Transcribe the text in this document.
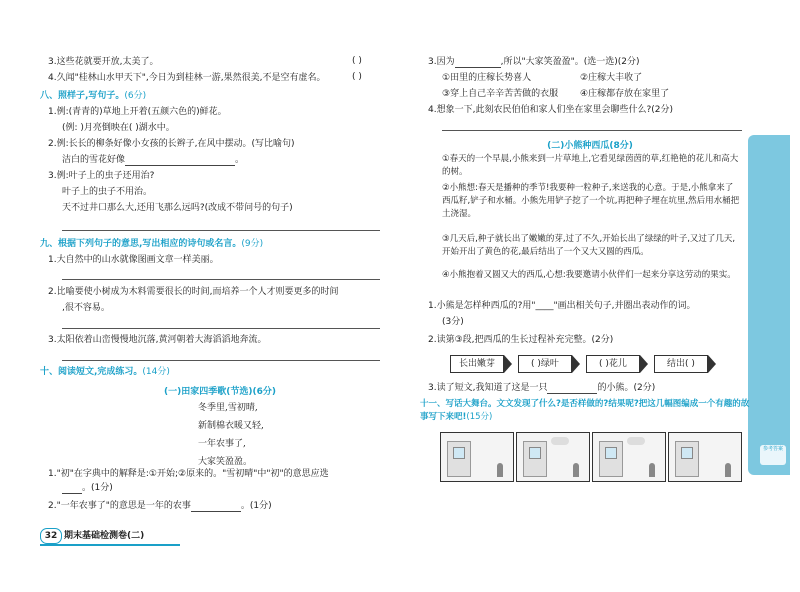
参考答案
3.这些花就要开放,太美了。	( )
4.久闻"桂林山水甲天下",今日为到桂林一游,果然很美,不是空有虚名。	( )
八、照样子,写句子。(6分)
1.例:(青青的)草地上开着(五颜六色的)鲜花。
(例: )月亮倒映在( )湖水中。
2.例:长长的柳条好像小女孩的长辫子,在风中摆动。(写比喻句)
洁白的雪花好像	。
3.例:叶子上的虫子还用治?
叶子上的虫子不用治。
天不过井口那么大,还用飞那么远吗?(改成不带问号的句子)
九、根据下列句子的意思,写出相应的诗句或名言。(9分)
1.大自然中的山水就像图画文章一样美丽。
2.比喻要使小树成为木料需要很长的时间,而培养一个人才则要更多的时间
,很不容易。
3.太阳依着山峦慢慢地沉落,黄河朝着大海滔滔地奔流。
十、阅读短文,完成练习。(14分)
(一)田家四季歌(节选)(6分)
冬季里,雪初晴,
新制棉衣暖又轻,
一年农事了,
大家笑盈盈。
1."初"在字典中的解释是:①开始;②原来的。"雪初晴"中"初"的意思应选
。(1分)
2."一年农事了"的意思是一年的农事	。(1分)
32 期末基础检测卷(二)
3.因为	,所以"大家笑盈盈"。(选一选)(2分)
①田里的庄稼长势喜人	②庄稼大丰收了
③穿上自己辛辛苦苦做的衣服 ④庄稼都存放在家里了
4.想象一下,此刻农民伯伯和家人们坐在家里会聊些什么?(2分)
(二)小熊种西瓜(8分)
①春天的一个早晨,小熊来到一片草地上,它看见绿茵茵的草,红艳艳的花儿和高大的树。
②小熊想:春天是播种的季节!我要种一粒种子,来送我的心意。于是,小熊拿来了西瓜籽,铲子和水桶。小熊先用铲子挖了一个坑,再把种子埋在坑里,然后用水桶把土浇湿。
③几天后,种子就长出了嫩嫩的芽,过了不久,开始长出了绿绿的叶子,又过了几天,开始开出了黄色的花,最后结出了一个又大又圆的西瓜。
④小熊抱着又圆又大的西瓜,心想:我要邀请小伙伴们一起来分享这劳动的果实。
1.小熊是怎样种西瓜的?用"____"画出相关句子,并圈出表动作的词。
(3分)
2.读第③段,把西瓜的生长过程补充完整。(2分)
长出嫩芽	( )绿叶	( )花儿	结出( )
3.读了短文,我知道了这是一只	的小熊。(2分)
十一、写话大舞台。文文发现了什么?是否样做的?结果呢?把这几幅图编成一个有趣的故事写下来吧!(15分)
